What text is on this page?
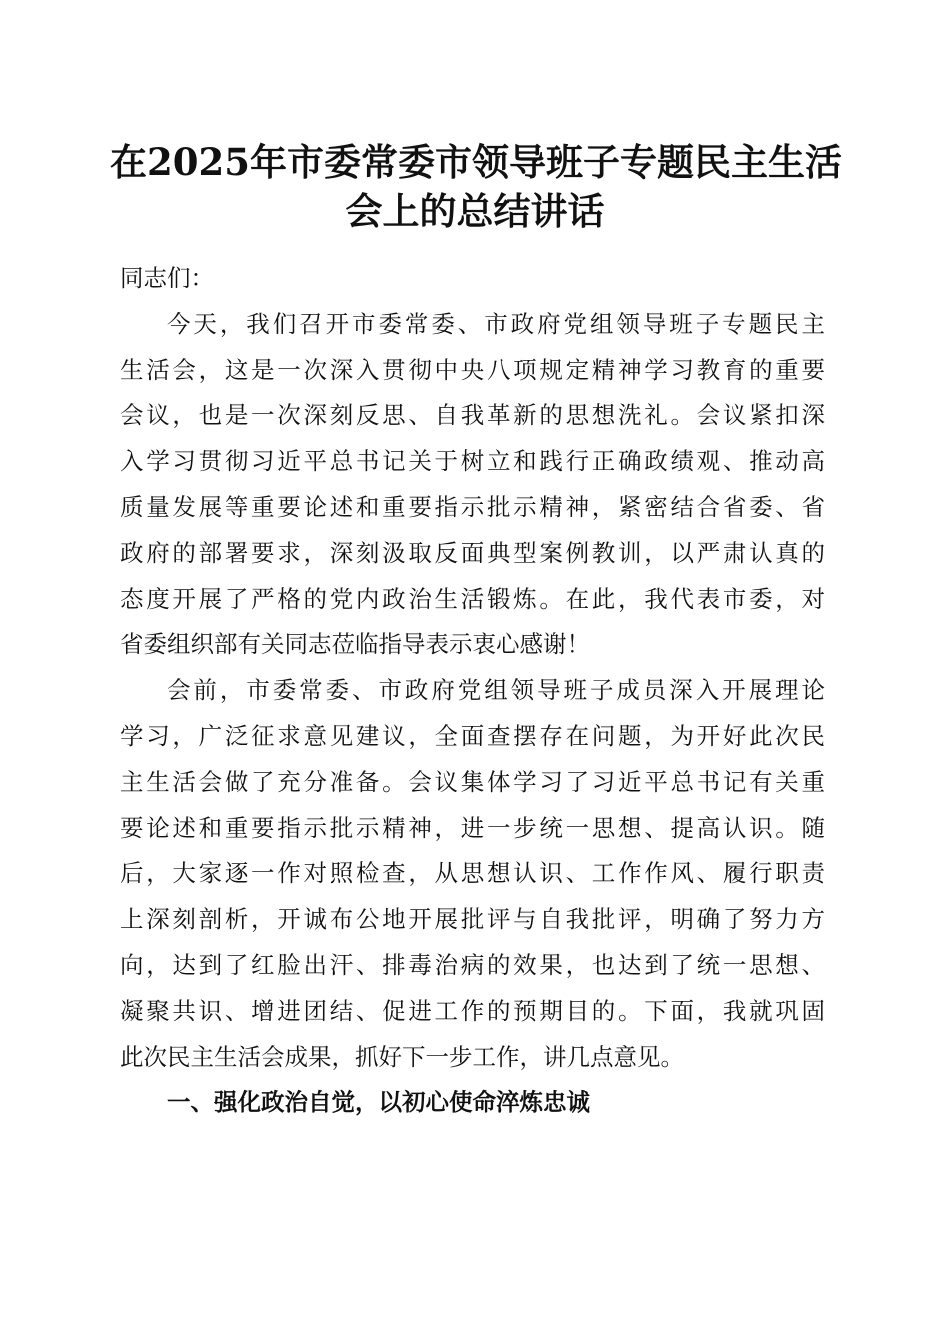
在2025年市委常委市领导班子专题民主生活
会上的总结讲话

同志们：

今天，我们召开市委常委、市政府党组领导班子专题民主
生活会，这是一次深入贯彻中央八项规定精神学习教育的重要
会议，也是一次深刻反思、自我革新的思想洗礼。会议紧扣深
入学习贯彻习近平总书记关于树立和践行正确政绩观、推动高
质量发展等重要论述和重要指示批示精神，紧密结合省委、省
政府的部署要求，深刻汲取反面典型案例教训，以严肃认真的
态度开展了严格的党内政治生活锻炼。在此，我代表市委，对
省委组织部有关同志莅临指导表示衷心感谢！

会前，市委常委、市政府党组领导班子成员深入开展理论
学习，广泛征求意见建议，全面查摆存在问题，为开好此次民
主生活会做了充分准备。会议集体学习了习近平总书记有关重
要论述和重要指示批示精神，进一步统一思想、提高认识。随
后，大家逐一作对照检查，从思想认识、工作作风、履行职责
上深刻剖析，开诚布公地开展批评与自我批评，明确了努力方
向，达到了红脸出汗、排毒治病的效果，也达到了统一思想、
凝聚共识、增进团结、促进工作的预期目的。下面，我就巩固
此次民主生活会成果，抓好下一步工作，讲几点意见。

一、强化政治自觉，以初心使命淬炼忠诚
